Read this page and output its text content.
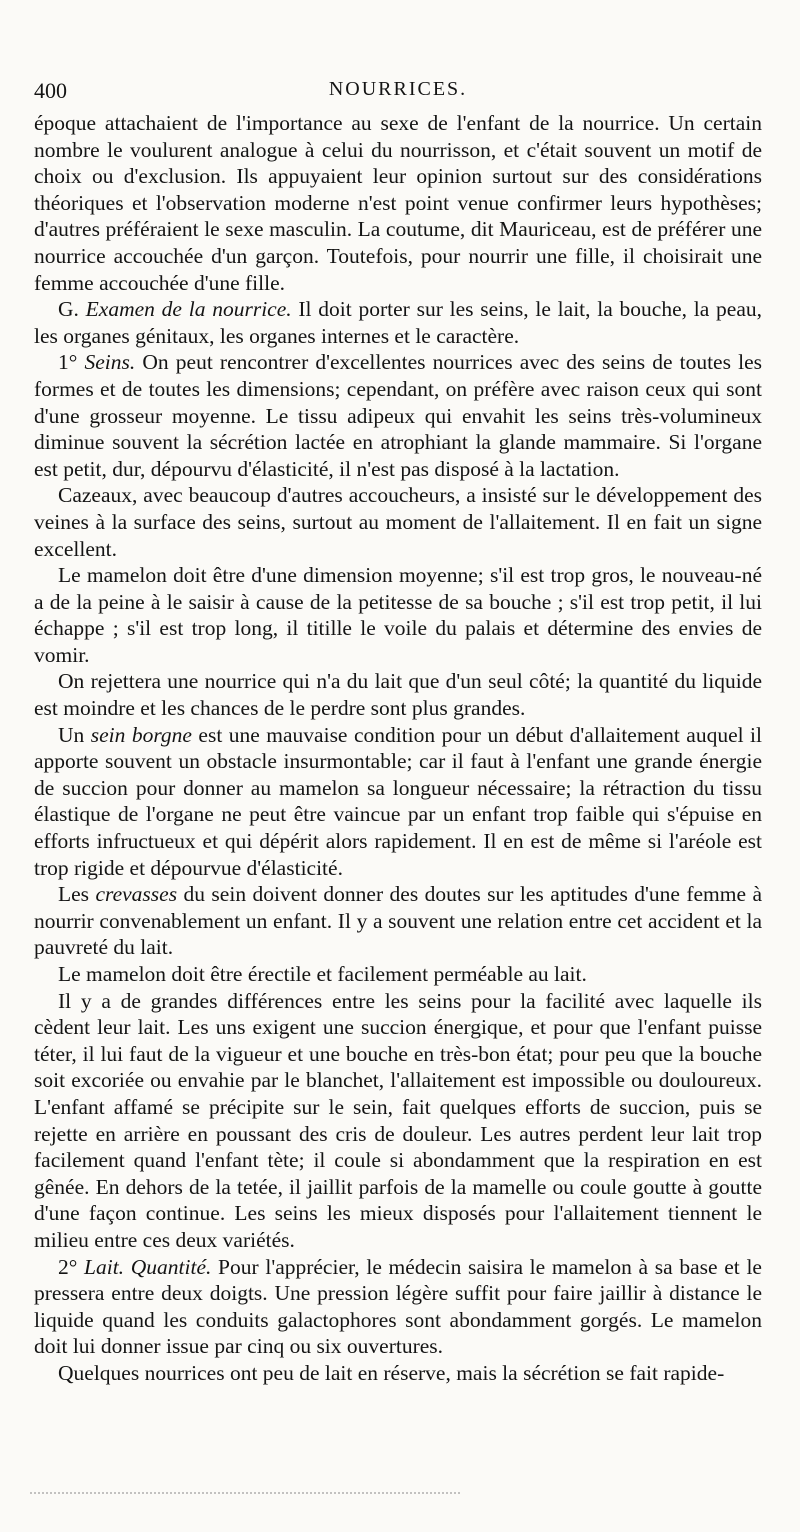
400	NOURRICES.

époque attachaient de l'importance au sexe de l'enfant de la nourrice. Un certain nombre le voulurent analogue à celui du nourrisson, et c'était souvent un motif de choix ou d'exclusion. Ils appuyaient leur opinion surtout sur des considérations théoriques et l'observation moderne n'est point venue confirmer leurs hypothèses; d'autres préféraient le sexe masculin. La coutume, dit Mauriceau, est de préférer une nourrice accouchée d'un garçon. Toutefois, pour nourrir une fille, il choisirait une femme accouchée d'une fille.

G. Examen de la nourrice. Il doit porter sur les seins, le lait, la bouche, la peau, les organes génitaux, les organes internes et le caractère.

1° Seins. On peut rencontrer d'excellentes nourrices avec des seins de toutes les formes et de toutes les dimensions; cependant, on préfère avec raison ceux qui sont d'une grosseur moyenne. Le tissu adipeux qui envahit les seins très-volumineux diminue souvent la sécrétion lactée en atrophiant la glande mammaire. Si l'organe est petit, dur, dépourvu d'élasticité, il n'est pas disposé à la lactation.

Cazeaux, avec beaucoup d'autres accoucheurs, a insisté sur le développement des veines à la surface des seins, surtout au moment de l'allaitement. Il en fait un signe excellent.

Le mamelon doit être d'une dimension moyenne; s'il est trop gros, le nouveau-né a de la peine à le saisir à cause de la petitesse de sa bouche ; s'il est trop petit, il lui échappe ; s'il est trop long, il titille le voile du palais et détermine des envies de vomir.

On rejettera une nourrice qui n'a du lait que d'un seul côté; la quantité du liquide est moindre et les chances de le perdre sont plus grandes.

Un sein borgne est une mauvaise condition pour un début d'allaitement auquel il apporte souvent un obstacle insurmontable; car il faut à l'enfant une grande énergie de succion pour donner au mamelon sa longueur nécessaire; la rétraction du tissu élastique de l'organe ne peut être vaincue par un enfant trop faible qui s'épuise en efforts infructueux et qui dépérit alors rapidement. Il en est de même si l'aréole est trop rigide et dépourvue d'élasticité.

Les crevasses du sein doivent donner des doutes sur les aptitudes d'une femme à nourrir convenablement un enfant. Il y a souvent une relation entre cet accident et la pauvreté du lait.

Le mamelon doit être érectile et facilement perméable au lait.

Il y a de grandes différences entre les seins pour la facilité avec laquelle ils cèdent leur lait. Les uns exigent une succion énergique, et pour que l'enfant puisse téter, il lui faut de la vigueur et une bouche en très-bon état; pour peu que la bouche soit excoriée ou envahie par le blanchet, l'allaitement est impossible ou douloureux. L'enfant affamé se précipite sur le sein, fait quelques efforts de succion, puis se rejette en arrière en poussant des cris de douleur. Les autres perdent leur lait trop facilement quand l'enfant tète; il coule si abondamment que la respiration en est gênée. En dehors de la tetée, il jaillit parfois de la mamelle ou coule goutte à goutte d'une façon continue. Les seins les mieux disposés pour l'allaitement tiennent le milieu entre ces deux variétés.

2° Lait. Quantité. Pour l'apprécier, le médecin saisira le mamelon à sa base et le pressera entre deux doigts. Une pression légère suffit pour faire jaillir à distance le liquide quand les conduits galactophores sont abondamment gorgés. Le mamelon doit lui donner issue par cinq ou six ouvertures.

Quelques nourrices ont peu de lait en réserve, mais la sécrétion se fait rapide-
